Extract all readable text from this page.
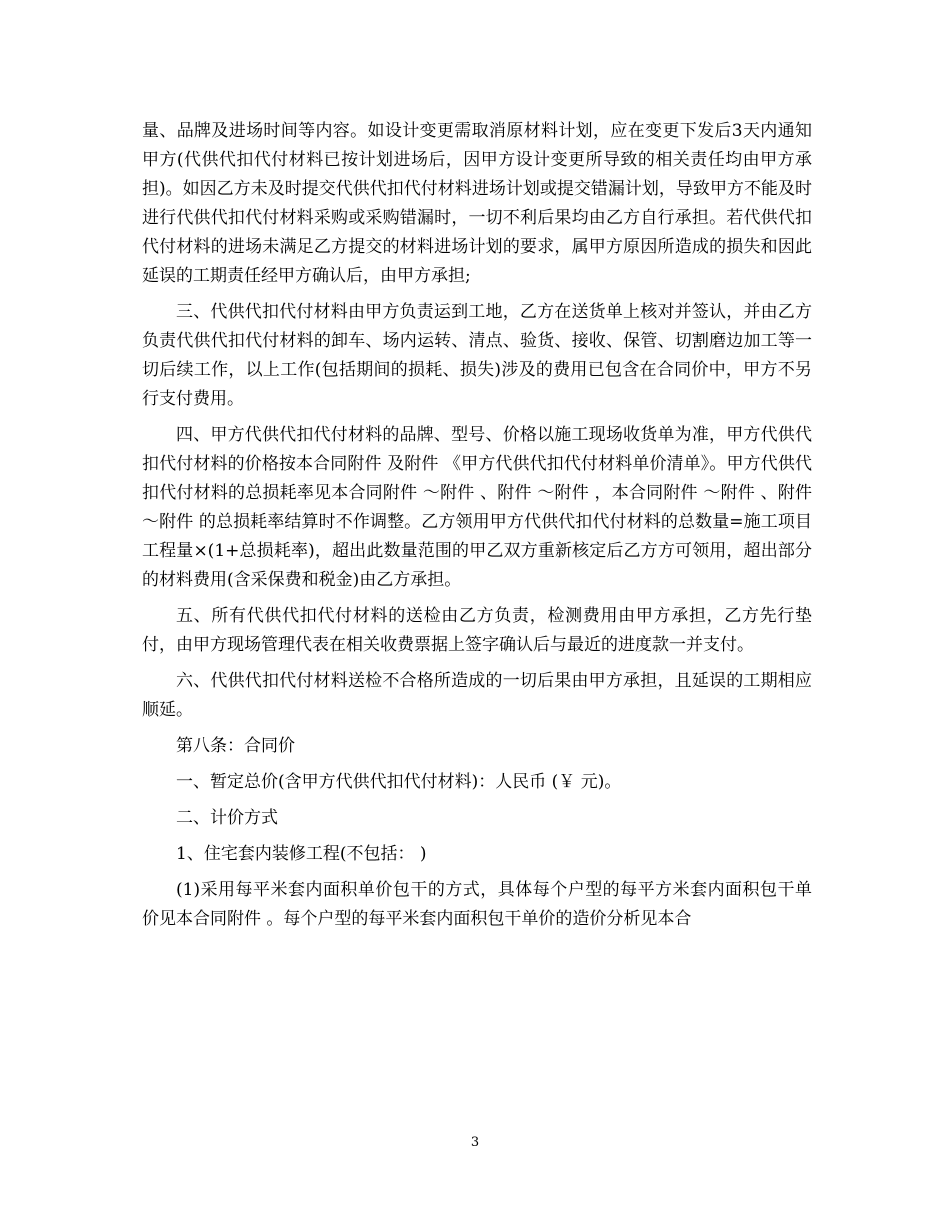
量、品牌及进场时间等内容。如设计变更需取消原材料计划，应在变更下发后3天内通知甲方(代供代扣代付材料已按计划进场后，因甲方设计变更所导致的相关责任均由甲方承担)。如因乙方未及时提交代供代扣代付材料进场计划或提交错漏计划，导致甲方不能及时进行代供代扣代付材料采购或采购错漏时，一切不利后果均由乙方自行承担。若代供代扣代付材料的进场未满足乙方提交的材料进场计划的要求，属甲方原因所造成的损失和因此延误的工期责任经甲方确认后，由甲方承担;

三、代供代扣代付材料由甲方负责运到工地，乙方在送货单上核对并签认，并由乙方负责代供代扣代付材料的卸车、场内运转、清点、验货、接收、保管、切割磨边加工等一切后续工作，以上工作(包括期间的损耗、损失)涉及的费用已包含在合同价中，甲方不另行支付费用。

四、甲方代供代扣代付材料的品牌、型号、价格以施工现场收货单为准，甲方代供代扣代付材料的价格按本合同附件 及附件 《甲方代供代扣代付材料单价清单》。甲方代供代扣代付材料的总损耗率见本合同附件 ～附件 、附件 ～附件 ，本合同附件 ～附件 、附件 ～附件 的总损耗率结算时不作调整。乙方领用甲方代供代扣代付材料的总数量=施工项目工程量×(1+总损耗率)，超出此数量范围的甲乙双方重新核定后乙方方可领用，超出部分的材料费用(含采保费和税金)由乙方承担。

五、所有代供代扣代付材料的送检由乙方负责，检测费用由甲方承担，乙方先行垫付，由甲方现场管理代表在相关收费票据上签字确认后与最近的进度款一并支付。

六、代供代扣代付材料送检不合格所造成的一切后果由甲方承担，且延误的工期相应顺延。

第八条：合同价

一、暂定总价(含甲方代供代扣代付材料)：人民币 (￥ 元)。

二、计价方式

1、住宅套内装修工程(不包括： )

(1)采用每平米套内面积单价包干的方式，具体每个户型的每平方米套内面积包干单价见本合同附件 。每个户型的每平米套内面积包干单价的造价分析见本合

3
